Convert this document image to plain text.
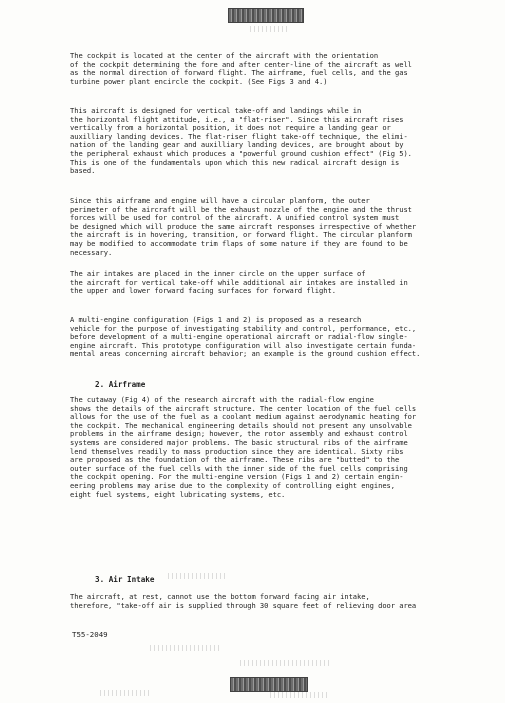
The cockpit is located at the center of the aircraft with the orientation
of the cockpit determining the fore and after center-line of the aircraft as well
as the normal direction of forward flight. The airframe, fuel cells, and the gas
turbine power plant encircle the cockpit. (See Figs 3 and 4.)
This aircraft is designed for vertical take-off and landings while in
the horizontal flight attitude, i.e., a "flat-riser". Since this aircraft rises
vertically from a horizontal position, it does not require a landing gear or
auxilliary landing devices. The flat-riser flight take-off technique, the elimi-
nation of the landing gear and auxilliary landing devices, are brought about by
the peripheral exhaust which produces a "powerful ground cushion effect" (Fig 5).
This is one of the fundamentals upon which this new radical aircraft design is
based.
Since this airframe and engine will have a circular planform, the outer
perimeter of the aircraft will be the exhaust nozzle of the engine and the thrust
forces will be used for control of the aircraft. A unified control system must
be designed which will produce the same aircraft responses irrespective of whether
the aircraft is in hovering, transition, or forward flight. The circular planform
may be modified to accommodate trim flaps of some nature if they are found to be
necessary.
The air intakes are placed in the inner circle on the upper surface of
the aircraft for vertical take-off while additional air intakes are installed in
the upper and lower forward facing surfaces for forward flight.
A multi-engine configuration (Figs 1 and 2) is proposed as a research
vehicle for the purpose of investigating stability and control, performance, etc.,
before development of a multi-engine operational aircraft or radial-flow single-
engine aircraft. This prototype configuration will also investigate certain funda-
mental areas concerning aircraft behavior; an example is the ground cushion effect.
2. Airframe
The cutaway (Fig 4) of the research aircraft with the radial-flow engine
shows the details of the aircraft structure. The center location of the fuel cells
allows for the use of the fuel as a coolant medium against aerodynamic heating for
the cockpit. The mechanical engineering details should not present any unsolvable
problems in the airframe design; however, the rotor assembly and exhaust control
systems are considered major problems. The basic structural ribs of the airframe
lend themselves readily to mass production since they are identical. Sixty ribs
are proposed as the foundation of the airframe. These ribs are "butted" to the
outer surface of the fuel cells with the inner side of the fuel cells comprising
the cockpit opening. For the multi-engine version (Figs 1 and 2) certain engin-
eering problems may arise due to the complexity of controlling eight engines,
eight fuel systems, eight lubricating systems, etc.
3. Air Intake
The aircraft, at rest, cannot use the bottom forward facing air intake,
therefore, "take-off air is supplied through 30 square feet of relieving door area
T55-2049
